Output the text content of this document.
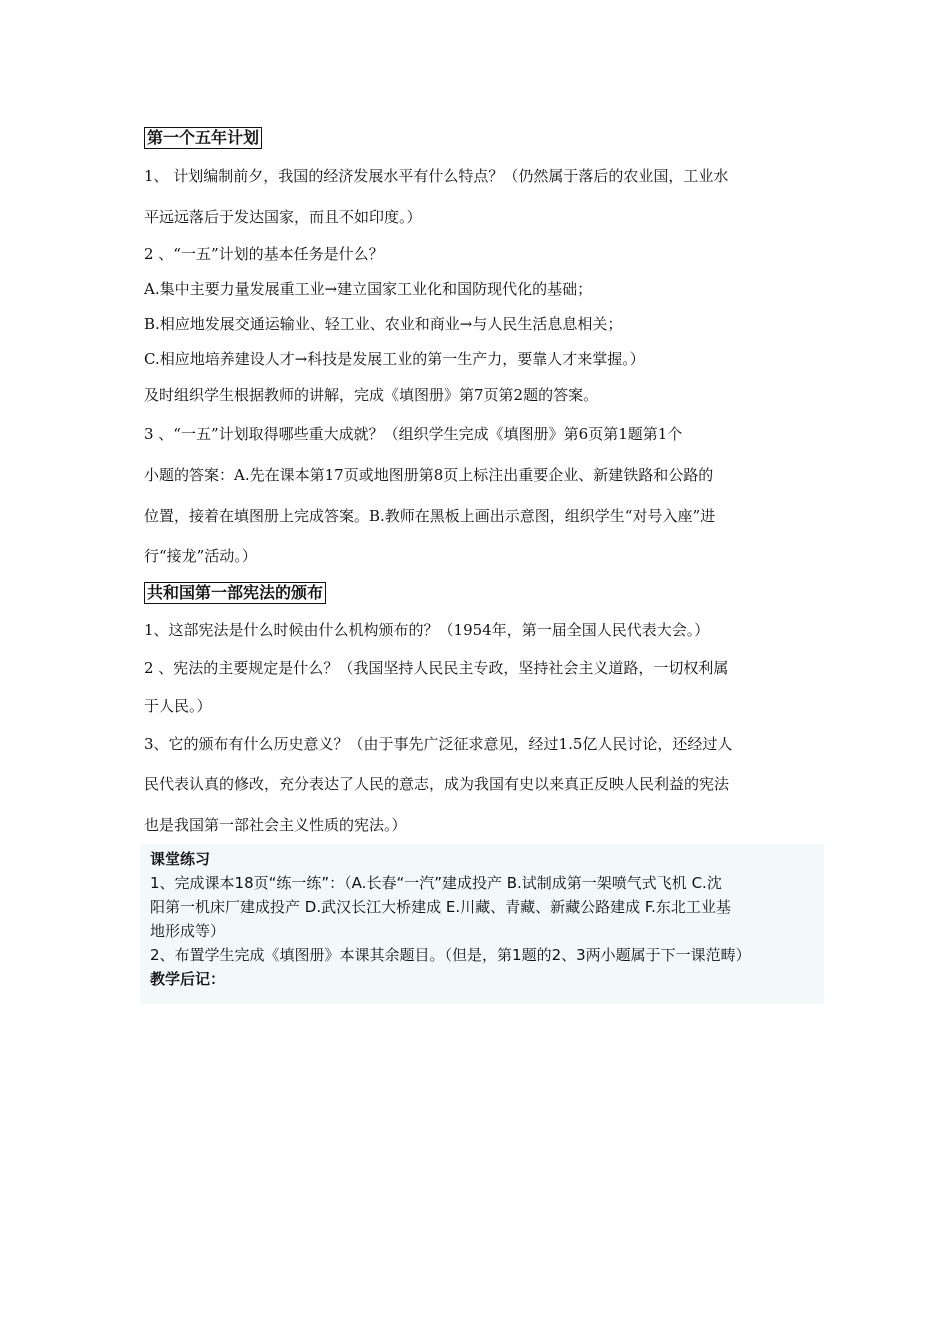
第一个五年计划
1、 计划编制前夕，我国的经济发展水平有什么特点？（仍然属于落后的农业国，工业水
平远远落后于发达国家，而且不如印度。）
2 、“一五”计划的基本任务是什么？
A.集中主要力量发展重工业→建立国家工业化和国防现代化的基础；
B.相应地发展交通运输业、轻工业、农业和商业→与人民生活息息相关；
C.相应地培养建设人才→科技是发展工业的第一生产力，要靠人才来掌握。）
及时组织学生根据教师的讲解，完成《填图册》第7页第2题的答案。
3 、“一五”计划取得哪些重大成就？（组织学生完成《填图册》第6页第1题第1个
小题的答案：A.先在课本第17页或地图册第8页上标注出重要企业、新建铁路和公路的
位置，接着在填图册上完成答案。B.教师在黑板上画出示意图，组织学生“对号入座”进
行“接龙”活动。）
共和国第一部宪法的颁布
1、这部宪法是什么时候由什么机构颁布的？（1954年，第一届全国人民代表大会。）
2 、宪法的主要规定是什么？（我国坚持人民民主专政，坚持社会主义道路，一切权利属
于人民。）
3、它的颁布有什么历史意义？（由于事先广泛征求意见，经过1.5亿人民讨论，还经过人
民代表认真的修改，充分表达了人民的意志，成为我国有史以来真正反映人民利益的宪法
也是我国第一部社会主义性质的宪法。）
课堂练习
1、完成课本18页“练一练”：（A.长春“一汽”建成投产 B.试制成第一架喷气式飞机 C.沈
阳第一机床厂建成投产 D.武汉长江大桥建成 E.川藏、青藏、新藏公路建成 F.东北工业基
地形成等）
2、布置学生完成《填图册》本课其余题目。（但是，第1题的2、3两小题属于下一课范畴）
教学后记：
